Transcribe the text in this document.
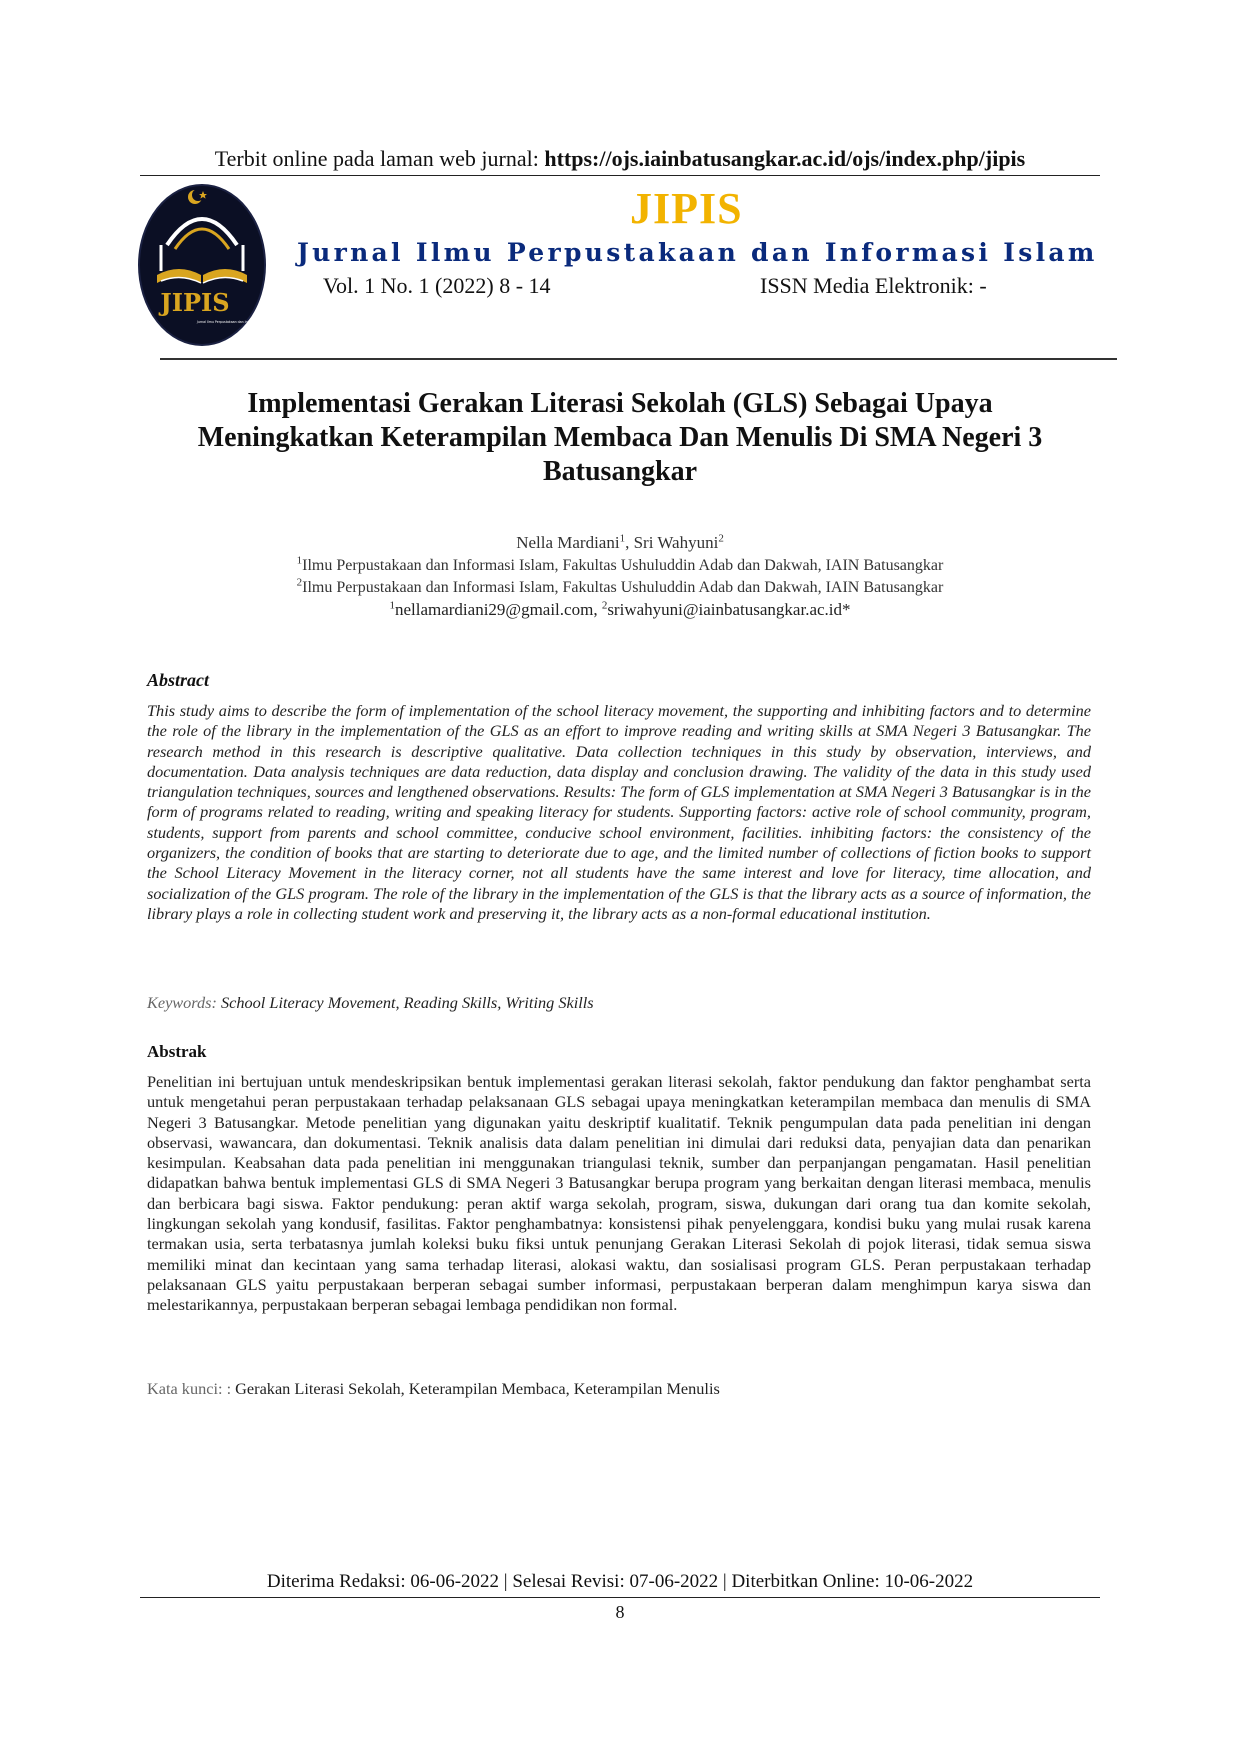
Terbit online pada laman web jurnal: https://ojs.iainbatusangkar.ac.id/ojs/index.php/jipis
JIPIS
Jurnal Ilmu Perpustakaan dan Informasi Islam
JIPIS
Jurnal Ilmu Perpustakaan dan Informasi Islam
Vol. 1 No. 1 (2022) 8 - 14	ISSN Media Elektronik: -
Implementasi Gerakan Literasi Sekolah (GLS) Sebagai Upaya
Meningkatkan Keterampilan Membaca Dan Menulis Di SMA Negeri 3
Batusangkar
Nella Mardiani$^1$, Sri Wahyuni$^2$
$^1$Ilmu Perpustakaan dan Informasi Islam, Fakultas Ushuluddin Adab dan Dakwah, IAIN Batusangkar
$^2$Ilmu Perpustakaan dan Informasi Islam, Fakultas Ushuluddin Adab dan Dakwah, IAIN Batusangkar
$^1$nellamardiani29@gmail.com, $^2$sriwahyuni@iainbatusangkar.ac.id*
Abstract
This study aims to describe the form of implementation of the school literacy movement, the supporting and inhibiting factors and to determine the role of the library in the implementation of the GLS as an effort to improve reading and writing skills at SMA Negeri 3 Batusangkar. The research method in this research is descriptive qualitative. Data collection techniques in this study by observation, interviews, and documentation. Data analysis techniques are data reduction, data display and conclusion drawing. The validity of the data in this study used triangulation techniques, sources and lengthened observations. Results: The form of GLS implementation at SMA Negeri 3 Batusangkar is in the form of programs related to reading, writing and speaking literacy for students. Supporting factors: active role of school community, program, students, support from parents and school committee, conducive school environment, facilities. inhibiting factors: the consistency of the organizers, the condition of books that are starting to deteriorate due to age, and the limited number of collections of fiction books to support the School Literacy Movement in the literacy corner, not all students have the same interest and love for literacy, time allocation, and socialization of the GLS program. The role of the library in the implementation of the GLS is that the library acts as a source of information, the library plays a role in collecting student work and preserving it, the library acts as a non-formal educational institution.
Keywords: School Literacy Movement, Reading Skills, Writing Skills
Abstrak
Penelitian ini bertujuan untuk mendeskripsikan bentuk implementasi gerakan literasi sekolah, faktor pendukung dan faktor penghambat serta untuk mengetahui peran perpustakaan terhadap pelaksanaan GLS sebagai upaya meningkatkan keterampilan membaca dan menulis di SMA Negeri 3 Batusangkar. Metode penelitian yang digunakan yaitu deskriptif kualitatif. Teknik pengumpulan data pada penelitian ini dengan observasi, wawancara, dan dokumentasi. Teknik analisis data dalam penelitian ini dimulai dari reduksi data, penyajian data dan penarikan kesimpulan. Keabsahan data pada penelitian ini menggunakan triangulasi teknik, sumber dan perpanjangan pengamatan. Hasil penelitian didapatkan bahwa bentuk implementasi GLS di SMA Negeri 3 Batusangkar berupa program yang berkaitan dengan literasi membaca, menulis dan berbicara bagi siswa. Faktor pendukung: peran aktif warga sekolah, program, siswa, dukungan dari orang tua dan komite sekolah, lingkungan sekolah yang kondusif, fasilitas. Faktor penghambatnya: konsistensi pihak penyelenggara, kondisi buku yang mulai rusak karena termakan usia, serta terbatasnya jumlah koleksi buku fiksi untuk penunjang Gerakan Literasi Sekolah di pojok literasi, tidak semua siswa memiliki minat dan kecintaan yang sama terhadap literasi, alokasi waktu, dan sosialisasi program GLS. Peran perpustakaan terhadap pelaksanaan GLS yaitu perpustakaan berperan sebagai sumber informasi, perpustakaan berperan dalam menghimpun karya siswa dan melestarikannya, perpustakaan berperan sebagai lembaga pendidikan non formal.
Kata kunci: : Gerakan Literasi Sekolah, Keterampilan Membaca, Keterampilan Menulis
Diterima Redaksi: 06-06-2022 | Selesai Revisi: 07-06-2022 | Diterbitkan Online: 10-06-2022
8
